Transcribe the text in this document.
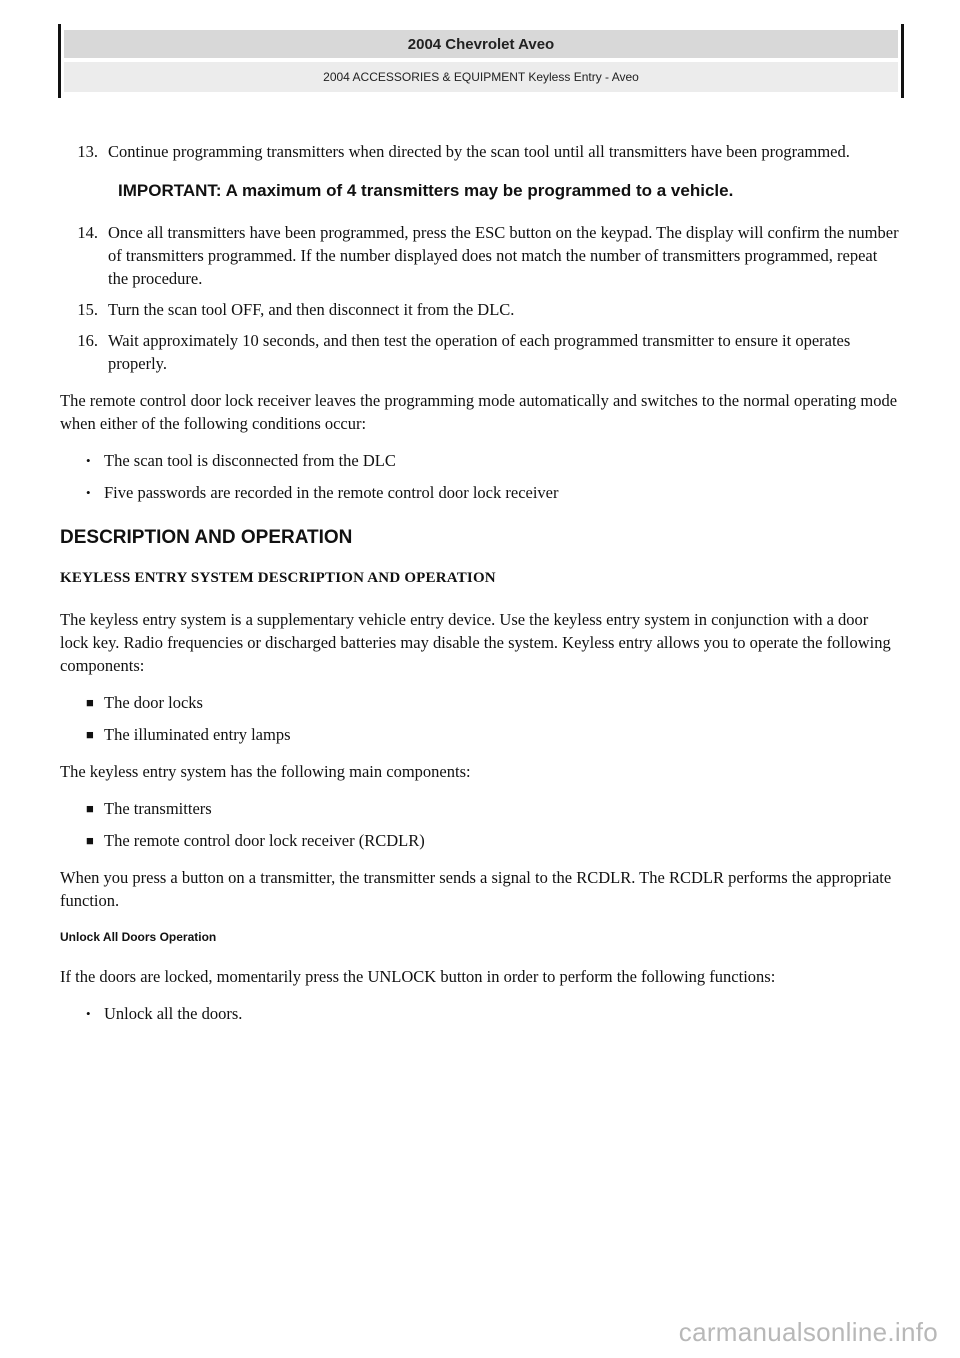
2004 Chevrolet Aveo
2004 ACCESSORIES & EQUIPMENT Keyless Entry - Aveo
13. Continue programming transmitters when directed by the scan tool until all transmitters have been programmed.
IMPORTANT: A maximum of 4 transmitters may be programmed to a vehicle.
14. Once all transmitters have been programmed, press the ESC button on the keypad. The display will confirm the number of transmitters programmed. If the number displayed does not match the number of transmitters programmed, repeat the procedure.
15. Turn the scan tool OFF, and then disconnect it from the DLC.
16. Wait approximately 10 seconds, and then test the operation of each programmed transmitter to ensure it operates properly.

The remote control door lock receiver leaves the programming mode automatically and switches to the normal operating mode when either of the following conditions occur:

• The scan tool is disconnected from the DLC
• Five passwords are recorded in the remote control door lock receiver
DESCRIPTION AND OPERATION
KEYLESS ENTRY SYSTEM DESCRIPTION AND OPERATION

The keyless entry system is a supplementary vehicle entry device. Use the keyless entry system in conjunction with a door lock key. Radio frequencies or discharged batteries may disable the system. Keyless entry allows you to operate the following components:

■ The door locks
■ The illuminated entry lamps

The keyless entry system has the following main components:

■ The transmitters
■ The remote control door lock receiver (RCDLR)

When you press a button on a transmitter, the transmitter sends a signal to the RCDLR. The RCDLR performs the appropriate function.

Unlock All Doors Operation

If the doors are locked, momentarily press the UNLOCK button in order to perform the following functions:

• Unlock all the doors.
carmanualsonline.info
